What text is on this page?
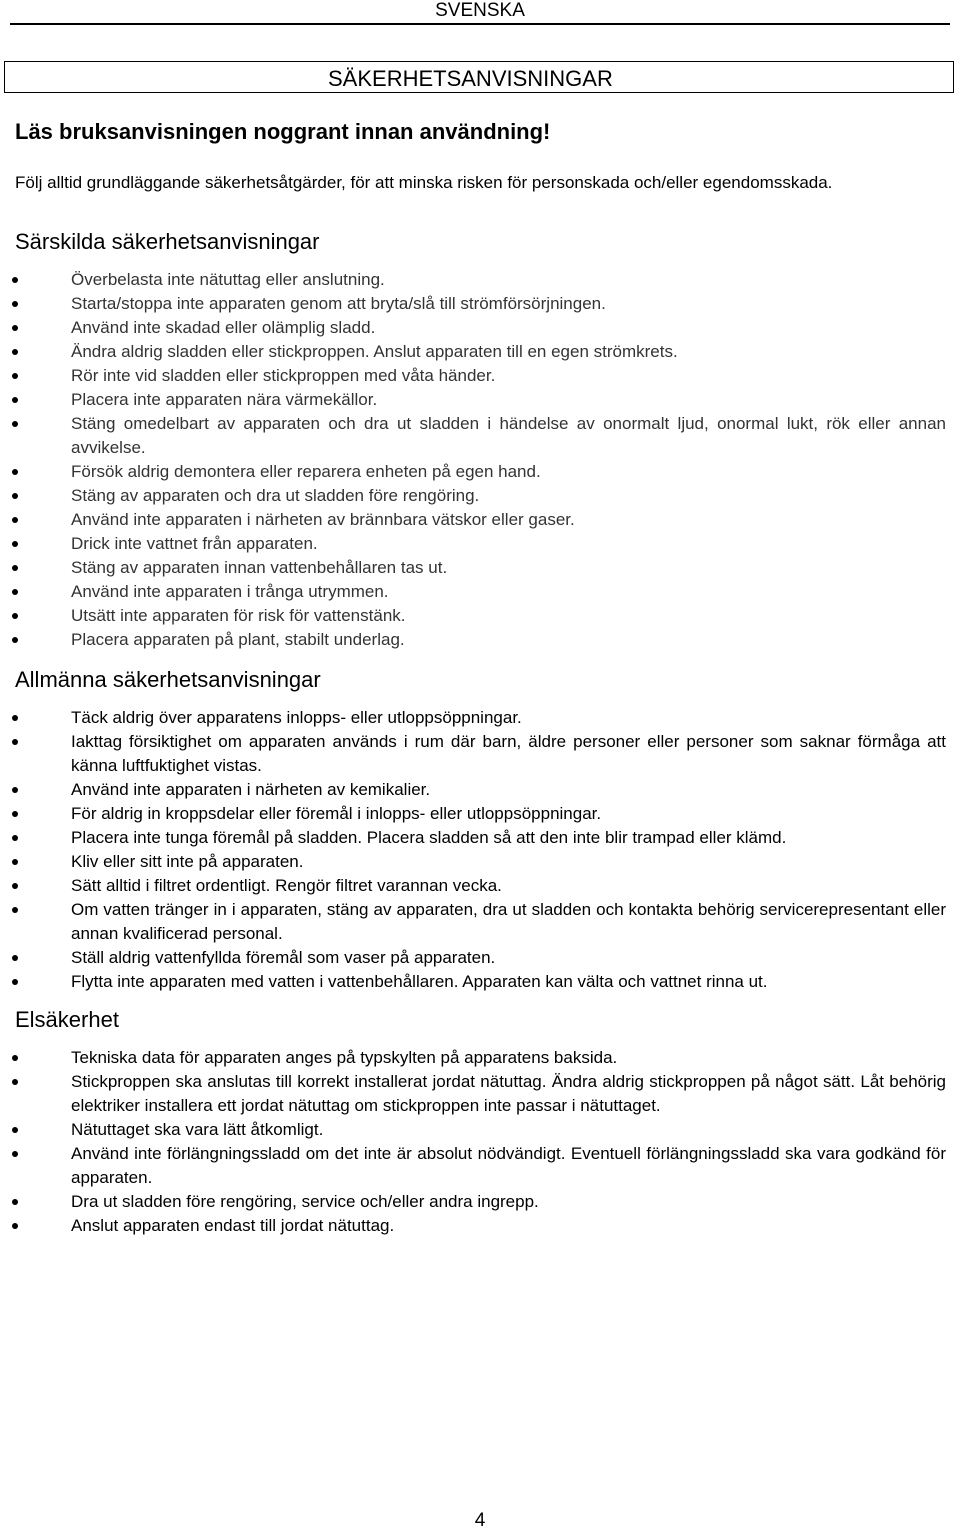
SVENSKA
SÄKERHETSANVISNINGAR

Läs bruksanvisningen noggrant innan användning!

Följ alltid grundläggande säkerhetsåtgärder, för att minska risken för personskada och/eller egendomsskada.

Särskilda säkerhetsanvisningar
Överbelasta inte nätuttag eller anslutning.
Starta/stoppa inte apparaten genom att bryta/slå till strömförsörjningen.
Använd inte skadad eller olämplig sladd.
Ändra aldrig sladden eller stickproppen. Anslut apparaten till en egen strömkrets.
Rör inte vid sladden eller stickproppen med våta händer.
Placera inte apparaten nära värmekällor.
Stäng omedelbart av apparaten och dra ut sladden i händelse av onormalt ljud, onormal lukt, rök eller annan avvikelse.
Försök aldrig demontera eller reparera enheten på egen hand.
Stäng av apparaten och dra ut sladden före rengöring.
Använd inte apparaten i närheten av brännbara vätskor eller gaser.
Drick inte vattnet från apparaten.
Stäng av apparaten innan vattenbehållaren tas ut.
Använd inte apparaten i trånga utrymmen.
Utsätt inte apparaten för risk för vattenstänk.
Placera apparaten på plant, stabilt underlag.
Allmänna säkerhetsanvisningar
Täck aldrig över apparatens inlopps- eller utloppsöppningar.
Iakttag försiktighet om apparaten används i rum där barn, äldre personer eller personer som saknar förmåga att känna luftfuktighet vistas.
Använd inte apparaten i närheten av kemikalier.
För aldrig in kroppsdelar eller föremål i inlopps- eller utloppsöppningar.
Placera inte tunga föremål på sladden. Placera sladden så att den inte blir trampad eller klämd.
Kliv eller sitt inte på apparaten.
Sätt alltid i filtret ordentligt. Rengör filtret varannan vecka.
Om vatten tränger in i apparaten, stäng av apparaten, dra ut sladden och kontakta behörig servicerepresentant eller annan kvalificerad personal.
Ställ aldrig vattenfyllda föremål som vaser på apparaten.
Flytta inte apparaten med vatten i vattenbehållaren. Apparaten kan välta och vattnet rinna ut.
Elsäkerhet
Tekniska data för apparaten anges på typskylten på apparatens baksida.
Stickproppen ska anslutas till korrekt installerat jordat nätuttag. Ändra aldrig stickproppen på något sätt. Låt behörig elektriker installera ett jordat nätuttag om stickproppen inte passar i nätuttaget.
Nätuttaget ska vara lätt åtkomligt.
Använd inte förlängningssladd om det inte är absolut nödvändigt. Eventuell förlängningssladd ska vara godkänd för apparaten.
Dra ut sladden före rengöring, service och/eller andra ingrepp.
Anslut apparaten endast till jordat nätuttag.
4
